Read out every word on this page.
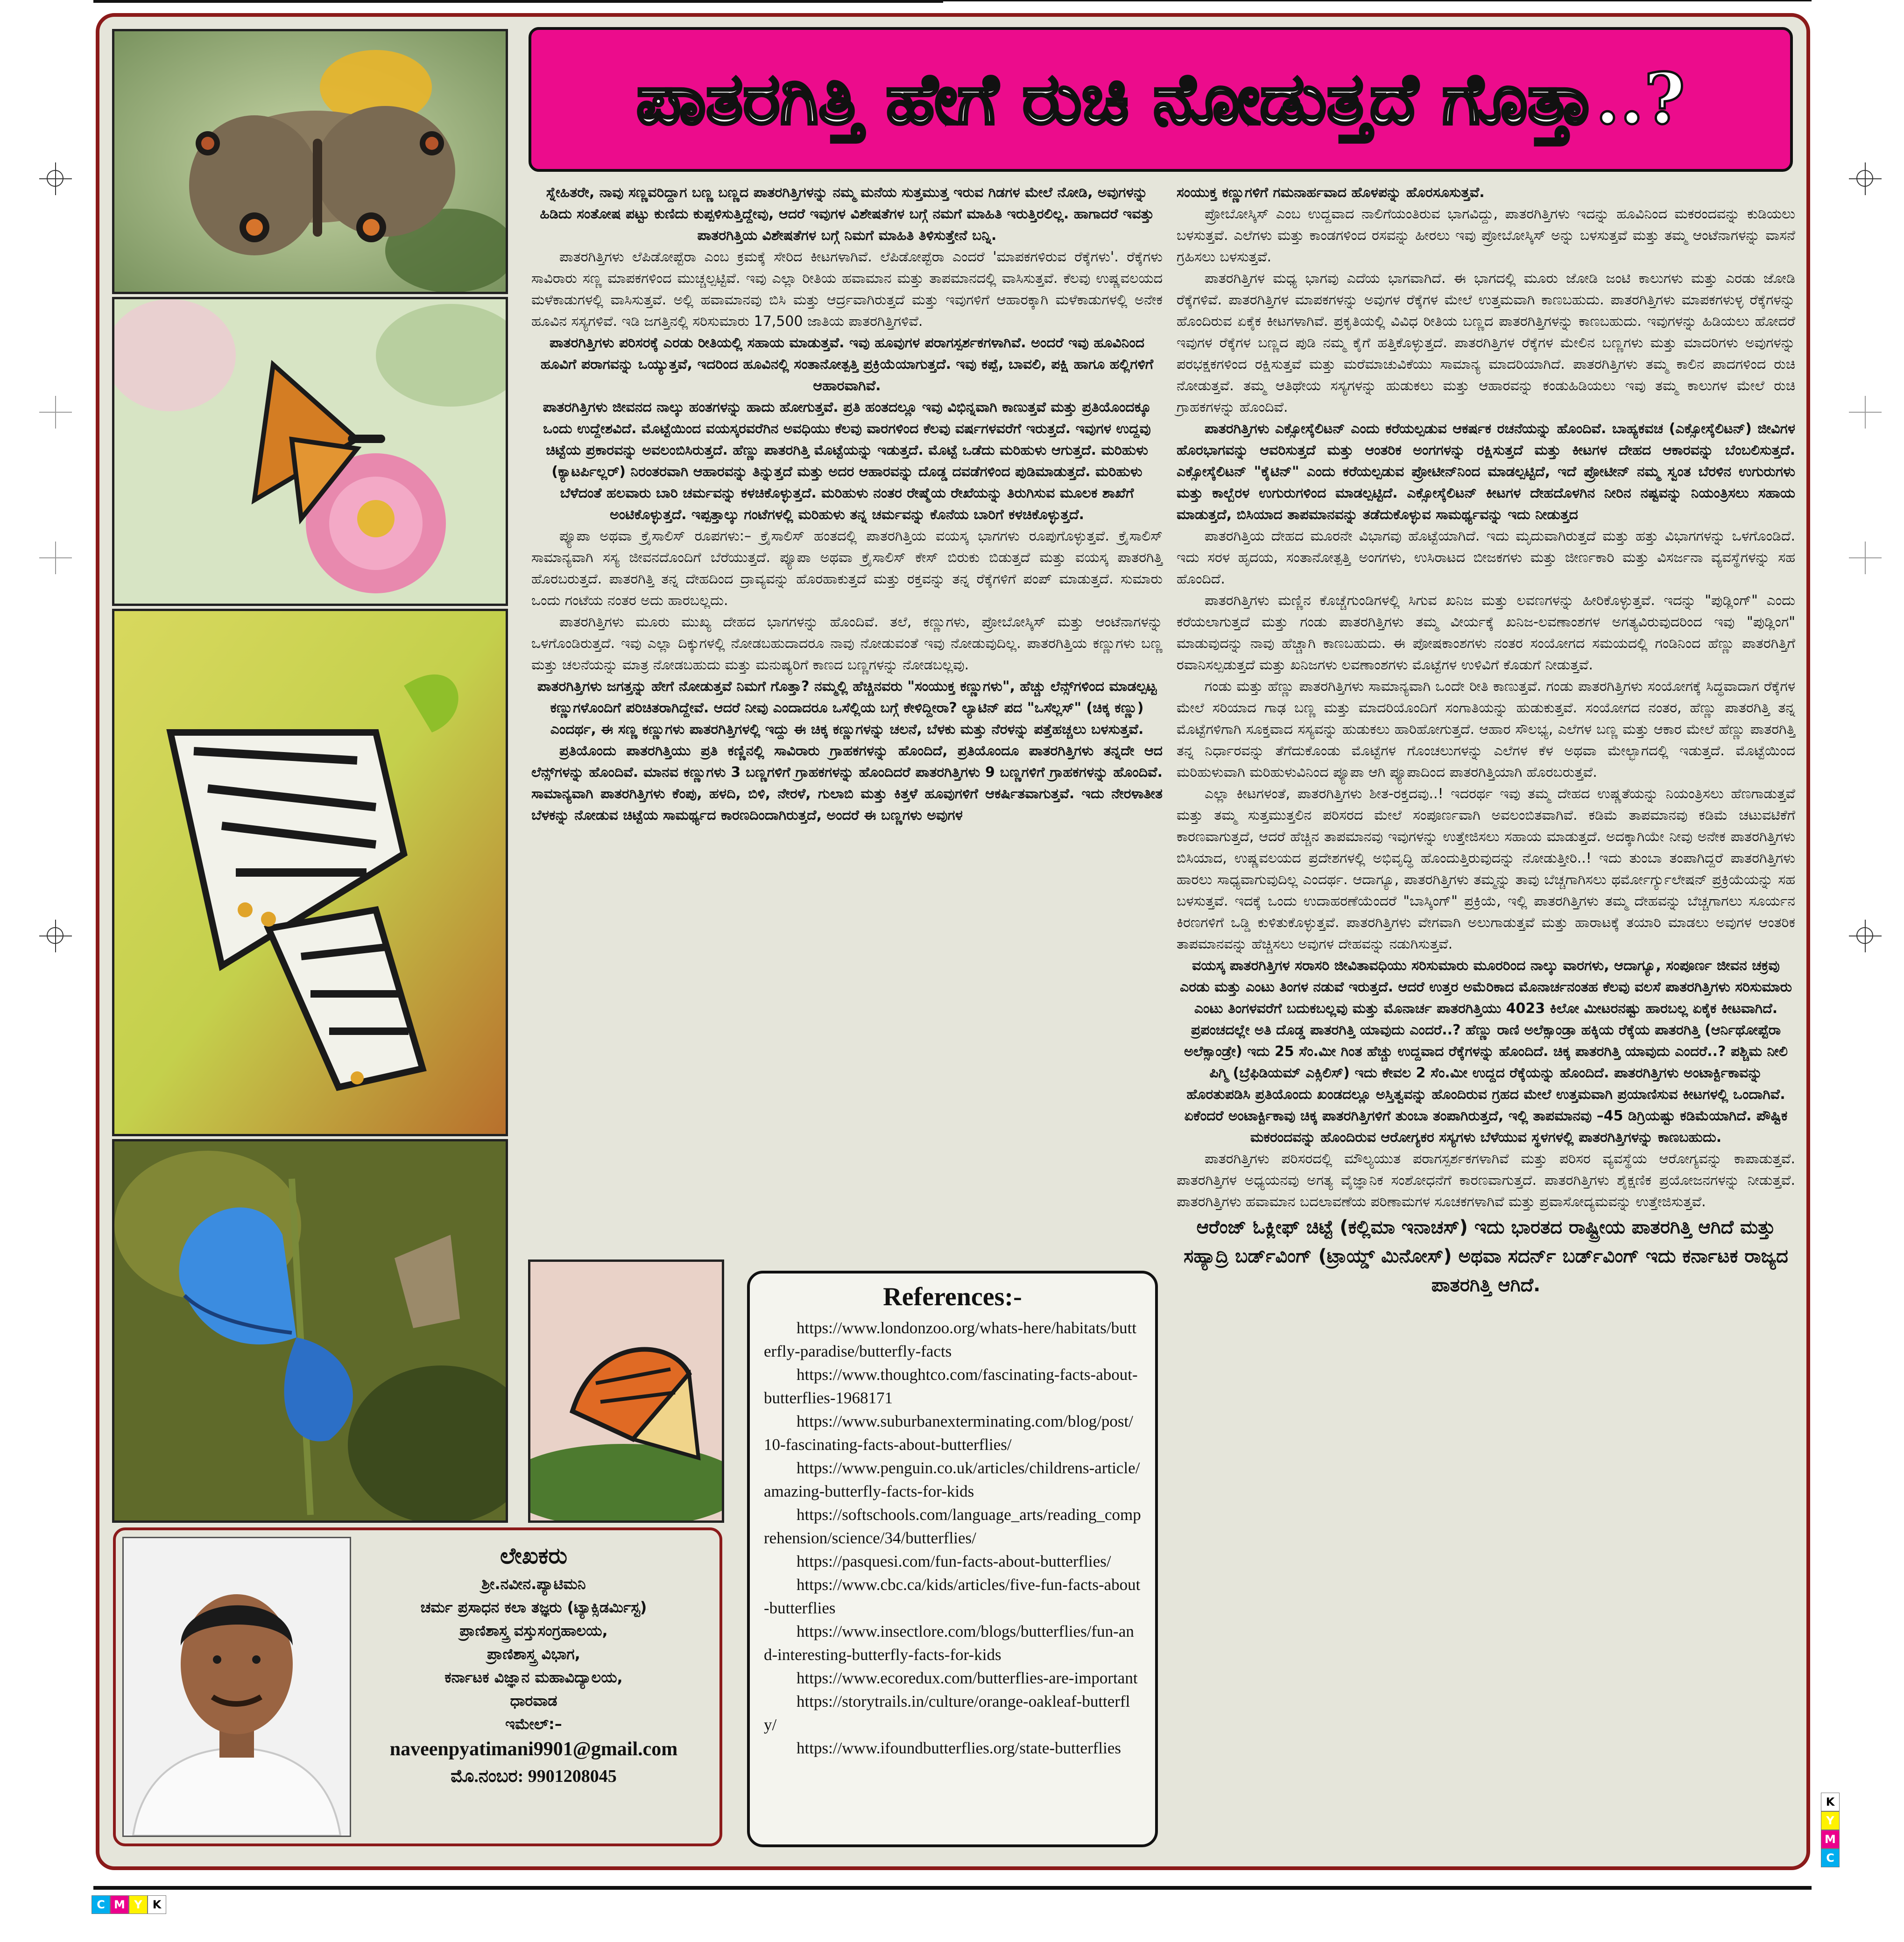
ಪಾತರಗಿತ್ತಿ ಹೇಗೆ ರುಚಿ ನೋಡುತ್ತದೆ ಗೊತ್ತಾ..?

ಸ್ನೇಹಿತರೇ, ನಾವು ಸಣ್ಣವರಿದ್ದಾಗ ಬಣ್ಣ ಬಣ್ಣದ ಪಾತರಗಿತ್ತಿಗಳನ್ನು ನಮ್ಮ ಮನೆಯ ಸುತ್ತಮುತ್ತ ಇರುವ ಗಿಡಗಳ ಮೇಲೆ ನೋಡಿ, ಅವುಗಳನ್ನು ಹಿಡಿದು ಸಂತೋಷ ಪಟ್ಟು ಕುಣಿದು ಕುಪ್ಪಳಿಸುತ್ತಿದ್ದೇವು, ಆದರೆ ಇವುಗಳ ವಿಶೇಷತೆಗಳ ಬಗ್ಗೆ ನಮಗೆ ಮಾಹಿತಿ ಇರುತ್ತಿರಲಿಲ್ಲ. ಹಾಗಾದರೆ ಇವತ್ತು ಪಾತರಗಿತ್ತಿಯ ವಿಶೇಷತೆಗಳ ಬಗ್ಗೆ ನಿಮಗೆ ಮಾಹಿತಿ ತಿಳಿಸುತ್ತೇನೆ ಬನ್ನಿ.

ಪಾತರಗಿತ್ತಿಗಳು ಲೆಪಿಡೋಪ್ಟೆರಾ ಎಂಬ ಕ್ರಮಕ್ಕೆ ಸೇರಿದ ಕೀಟಗಳಾಗಿವೆ. ಲೆಪಿಡೋಪ್ಟೆರಾ ಎಂದರೆ 'ಮಾಪಕಗಳಿರುವ ರೆಕ್ಕೆಗಳು'. ರೆಕ್ಕೆಗಳು ಸಾವಿರಾರು ಸಣ್ಣ ಮಾಪಕಗಳಿಂದ ಮುಚ್ಚಲ್ಪಟ್ಟಿವೆ. ಇವು ಎಲ್ಲಾ ರೀತಿಯ ಹವಾಮಾನ ಮತ್ತು ತಾಪಮಾನದಲ್ಲಿ ವಾಸಿಸುತ್ತವೆ. ಕೆಲವು ಉಷ್ಣವಲಯದ ಮಳೆಕಾಡುಗಳಲ್ಲಿ ವಾಸಿಸುತ್ತವೆ. ಅಲ್ಲಿ ಹವಾಮಾನವು ಬಿಸಿ ಮತ್ತು ಆರ್ದ್ರವಾಗಿರುತ್ತದೆ ಮತ್ತು ಇವುಗಳಿಗೆ ಆಹಾರಕ್ಕಾಗಿ ಮಳೆಕಾಡುಗಳಲ್ಲಿ ಅನೇಕ ಹೂವಿನ ಸಸ್ಯಗಳಿವೆ. ಇಡಿ ಜಗತ್ತಿನಲ್ಲಿ ಸರಿಸುಮಾರು 17,500 ಜಾತಿಯ ಪಾತರಗಿತ್ತಿಗಳಿವೆ.

ಪಾತರಗಿತ್ತಿಗಳು ಪರಿಸರಕ್ಕೆ ಎರಡು ರೀತಿಯಲ್ಲಿ ಸಹಾಯ ಮಾಡುತ್ತವೆ. ಇವು ಹೂವುಗಳ ಪರಾಗಸ್ಪರ್ಶಕಗಳಾಗಿವೆ. ಅಂದರೆ ಇವು ಹೂವಿನಿಂದ ಹೂವಿಗೆ ಪರಾಗವನ್ನು ಒಯ್ಯುತ್ತವೆ, ಇದರಿಂದ ಹೂವಿನಲ್ಲಿ ಸಂತಾನೋತ್ಪತ್ತಿ ಪ್ರಕ್ರಿಯೆಯಾಗುತ್ತದೆ. ಇವು ಕಪ್ಪೆ, ಬಾವಲಿ, ಪಕ್ಷಿ ಹಾಗೂ ಹಲ್ಲಿಗಳಿಗೆ ಆಹಾರವಾಗಿವೆ.

ಪಾತರಗಿತ್ತಿಗಳು ಜೀವನದ ನಾಲ್ಕು ಹಂತಗಳನ್ನು ಹಾದು ಹೋಗುತ್ತವೆ. ಪ್ರತಿ ಹಂತದಲ್ಲೂ ಇವು ವಿಭಿನ್ನವಾಗಿ ಕಾಣುತ್ತವೆ ಮತ್ತು ಪ್ರತಿಯೊಂದಕ್ಕೂ ಒಂದು ಉದ್ದೇಶವಿದೆ. ಮೊಟ್ಟೆಯಿಂದ ವಯಸ್ಕರವರೆಗಿನ ಅವಧಿಯು ಕೆಲವು ವಾರಗಳಿಂದ ಕೆಲವು ವರ್ಷಗಳವರೆಗೆ ಇರುತ್ತದೆ. ಇವುಗಳ ಉದ್ದವು ಚಿಟ್ಟೆಯ ಪ್ರಕಾರವನ್ನು ಅವಲಂಬಿಸಿರುತ್ತದೆ. ಹೆಣ್ಣು ಪಾತರಗಿತ್ತಿ ಮೊಟ್ಟೆಯನ್ನು ಇಡುತ್ತದೆ. ಮೊಟ್ಟೆ ಒಡೆದು ಮರಿಹುಳು ಆಗುತ್ತದೆ. ಮರಿಹುಳು (ಕ್ಯಾಟರ್ಪಿಲ್ಲರ್) ನಿರಂತರವಾಗಿ ಆಹಾರವನ್ನು ತಿನ್ನುತ್ತದೆ ಮತ್ತು ಅದರ ಆಹಾರವನ್ನು ದೊಡ್ಡ ದವಡೆಗಳಿಂದ ಪುಡಿಮಾಡುತ್ತದೆ. ಮರಿಹುಳು ಬೆಳೆದಂತೆ ಹಲವಾರು ಬಾರಿ ಚರ್ಮವನ್ನು ಕಳಚಿಕೊಳ್ಳುತ್ತದೆ. ಮರಿಹುಳು ನಂತರ ರೇಷ್ಮೆಯ ರೇಖೆಯನ್ನು ತಿರುಗಿಸುವ ಮೂಲಕ ಶಾಖೆಗೆ ಅಂಟಿಕೊಳ್ಳುತ್ತದೆ. ಇಪ್ಪತ್ತಾಲ್ಕು ಗಂಟೆಗಳಲ್ಲಿ ಮರಿಹುಳು ತನ್ನ ಚರ್ಮವನ್ನು ಕೊನೆಯ ಬಾರಿಗೆ ಕಳಚಿಕೊಳ್ಳುತ್ತದೆ.

ಪ್ಯೂಪಾ ಅಥವಾ ಕ್ರೈಸಾಲಿಸ್ ರೂಪಗಳು:– ಕ್ರೈಸಾಲಿಸ್ ಹಂತದಲ್ಲಿ ಪಾತರಗಿತ್ತಿಯ ವಯಸ್ಕ ಭಾಗಗಳು ರೂಪುಗೊಳ್ಳುತ್ತವೆ. ಕ್ರೈಸಾಲಿಸ್ ಸಾಮಾನ್ಯವಾಗಿ ಸಸ್ಯ ಜೀವನದೊಂದಿಗೆ ಬೆರೆಯುತ್ತದೆ. ಪ್ಯೂಪಾ ಅಥವಾ ಕ್ರೈಸಾಲಿಸ್ ಕೇಸ್ ಬಿರುಕು ಬಿಡುತ್ತದೆ ಮತ್ತು ವಯಸ್ಕ ಪಾತರಗಿತ್ತಿ ಹೊರಬರುತ್ತದೆ. ಪಾತರಗಿತ್ತಿ ತನ್ನ ದೇಹದಿಂದ ದ್ರಾವ್ಯವನ್ನು ಹೊರಹಾಕುತ್ತದೆ ಮತ್ತು ರಕ್ತವನ್ನು ತನ್ನ ರೆಕ್ಕೆಗಳಿಗೆ ಪಂಪ್ ಮಾಡುತ್ತದೆ. ಸುಮಾರು ಒಂದು ಗಂಟೆಯ ನಂತರ ಅದು ಹಾರಬಲ್ಲದು.

ಪಾತರಗಿತ್ತಿಗಳು ಮೂರು ಮುಖ್ಯ ದೇಹದ ಭಾಗಗಳನ್ನು ಹೊಂದಿವೆ. ತಲೆ, ಕಣ್ಣುಗಳು, ಪ್ರೋಬೋಸ್ಕಿಸ್ ಮತ್ತು ಆಂಟೆನಾಗಳನ್ನು ಒಳಗೊಂಡಿರುತ್ತದೆ. ಇವು ಎಲ್ಲಾ ದಿಕ್ಕುಗಳಲ್ಲಿ ನೋಡಬಹುದಾದರೂ ನಾವು ನೋಡುವಂತೆ ಇವು ನೋಡುವುದಿಲ್ಲ. ಪಾತರಗಿತ್ತಿಯ ಕಣ್ಣುಗಳು ಬಣ್ಣ ಮತ್ತು ಚಲನೆಯನ್ನು ಮಾತ್ರ ನೋಡಬಹುದು ಮತ್ತು ಮನುಷ್ಯರಿಗೆ ಕಾಣದ ಬಣ್ಣಗಳನ್ನು ನೋಡಬಲ್ಲವು.

ಪಾತರಗಿತ್ತಿಗಳು ಜಗತ್ತನ್ನು ಹೇಗೆ ನೋಡುತ್ತವೆ ನಿಮಗೆ ಗೊತ್ತಾ? ನಮ್ಮಲ್ಲಿ ಹೆಚ್ಚಿನವರು "ಸಂಯುಕ್ತ ಕಣ್ಣುಗಳು", ಹೆಚ್ಚು ಲೆನ್ಸ್‌ಗಳಿಂದ ಮಾಡಲ್ಪಟ್ಟ ಕಣ್ಣುಗಳೊಂದಿಗೆ ಪರಿಚಿತರಾಗಿದ್ದೇವೆ. ಆದರೆ ನೀವು ಎಂದಾದರೂ ಒಸೆಲ್ಲಿಯ ಬಗ್ಗೆ ಕೇಳಿದ್ದೀರಾ? ಲ್ಯಾಟಿನ್ ಪದ "ಒಸೆಲ್ಲಸ್" (ಚಿಕ್ಕ ಕಣ್ಣು) ಎಂದರ್ಥ, ಈ ಸಣ್ಣ ಕಣ್ಣುಗಳು ಪಾತರಗಿತ್ತಿಗಳಲ್ಲಿ ಇದ್ದು ಈ ಚಿಕ್ಕ ಕಣ್ಣುಗಳನ್ನು ಚಲನೆ, ಬೆಳಕು ಮತ್ತು ನೆರಳನ್ನು ಪತ್ತೆಹಚ್ಚಲು ಬಳಸುತ್ತವೆ.

ಪ್ರತಿಯೊಂದು ಪಾತರಗಿತ್ತಿಯು ಪ್ರತಿ ಕಣ್ಣಿನಲ್ಲಿ ಸಾವಿರಾರು ಗ್ರಾಹಕಗಳನ್ನು ಹೊಂದಿದೆ, ಪ್ರತಿಯೊಂದೂ ಪಾತರಗಿತ್ತಿಗಳು ತನ್ನದೇ ಆದ ಲೆನ್ಸ್‌ಗಳನ್ನು ಹೊಂದಿವೆ. ಮಾನವ ಕಣ್ಣುಗಳು 3 ಬಣ್ಣಗಳಿಗೆ ಗ್ರಾಹಕಗಳನ್ನು ಹೊಂದಿದರೆ ಪಾತರಗಿತ್ತಿಗಳು 9 ಬಣ್ಣಗಳಿಗೆ ಗ್ರಾಹಕಗಳನ್ನು ಹೊಂದಿವೆ. ಸಾಮಾನ್ಯವಾಗಿ ಪಾತರಗಿತ್ತಿಗಳು ಕೆಂಪು, ಹಳದಿ, ಬಿಳಿ, ನೇರಳೆ, ಗುಲಾಬಿ ಮತ್ತು ಕಿತ್ತಳೆ ಹೂವುಗಳಿಗೆ ಆಕರ್ಷಿತವಾಗುತ್ತವೆ. ಇದು ನೇರಳಾತೀತ ಬೆಳಕನ್ನು ನೋಡುವ ಚಿಟ್ಟೆಯ ಸಾಮರ್ಥ್ಯದ ಕಾರಣದಿಂದಾಗಿರುತ್ತದೆ, ಅಂದರೆ ಈ ಬಣ್ಣಗಳು ಅವುಗಳ

ಸಂಯುಕ್ತ ಕಣ್ಣುಗಳಿಗೆ ಗಮನಾರ್ಹವಾದ ಹೊಳಪನ್ನು ಹೊರಸೂಸುತ್ತವೆ.

ಪ್ರೋಬೋಸ್ಕಿಸ್ ಎಂಬ ಉದ್ದವಾದ ನಾಲಿಗೆಯಂತಿರುವ ಭಾಗವಿದ್ದು, ಪಾತರಗಿತ್ತಿಗಳು ಇದನ್ನು ಹೂವಿನಿಂದ ಮಕರಂದವನ್ನು ಕುಡಿಯಲು ಬಳಸುತ್ತವೆ. ಎಲೆಗಳು ಮತ್ತು ಕಾಂಡಗಳಿಂದ ರಸವನ್ನು ಹೀರಲು ಇವು ಪ್ರೋಬೋಸ್ಕಿಸ್ ಅನ್ನು ಬಳಸುತ್ತವೆ ಮತ್ತು ತಮ್ಮ ಆಂಟೆನಾಗಳನ್ನು ವಾಸನೆ ಗ್ರಹಿಸಲು ಬಳಸುತ್ತವೆ.

ಪಾತರಗಿತ್ತಿಗಳ ಮಧ್ಯ ಭಾಗವು ಎದೆಯ ಭಾಗವಾಗಿದೆ. ಈ ಭಾಗದಲ್ಲಿ ಮೂರು ಜೋಡಿ ಜಂಟಿ ಕಾಲುಗಳು ಮತ್ತು ಎರಡು ಜೋಡಿ ರೆಕ್ಕೆಗಳಿವೆ. ಪಾತರಗಿತ್ತಿಗಳ ಮಾಪಕಗಳನ್ನು ಅವುಗಳ ರೆಕ್ಕೆಗಳ ಮೇಲೆ ಉತ್ತಮವಾಗಿ ಕಾಣಬಹುದು. ಪಾತರಗಿತ್ತಿಗಳು ಮಾಪಕಗಳುಳ್ಳ ರೆಕ್ಕೆಗಳನ್ನು ಹೊಂದಿರುವ ಏಕೈಕ ಕೀಟಗಳಾಗಿವೆ. ಪ್ರಕೃತಿಯಲ್ಲಿ ವಿವಿಧ ರೀತಿಯ ಬಣ್ಣದ ಪಾತರಗಿತ್ತಿಗಳನ್ನು ಕಾಣಬಹುದು. ಇವುಗಳನ್ನು ಹಿಡಿಯಲು ಹೋದರೆ ಇವುಗಳ ರೆಕ್ಕೆಗಳ ಬಣ್ಣದ ಪುಡಿ ನಮ್ಮ ಕೈಗೆ ಹತ್ತಿಕೊಳ್ಳುತ್ತದೆ. ಪಾತರಗಿತ್ತಿಗಳ ರೆಕ್ಕೆಗಳ ಮೇಲಿನ ಬಣ್ಣಗಳು ಮತ್ತು ಮಾದರಿಗಳು ಅವುಗಳನ್ನು ಪರಭಕ್ಷಕಗಳಿಂದ ರಕ್ಷಿಸುತ್ತವೆ ಮತ್ತು ಮರೆಮಾಚುವಿಕೆಯು ಸಾಮಾನ್ಯ ಮಾದರಿಯಾಗಿದೆ. ಪಾತರಗಿತ್ತಿಗಳು ತಮ್ಮ ಕಾಲಿನ ಪಾದಗಳಿಂದ ರುಚಿ ನೋಡುತ್ತವೆ. ತಮ್ಮ ಆತಿಥೇಯ ಸಸ್ಯಗಳನ್ನು ಹುಡುಕಲು ಮತ್ತು ಆಹಾರವನ್ನು ಕಂಡುಹಿಡಿಯಲು ಇವು ತಮ್ಮ ಕಾಲುಗಳ ಮೇಲೆ ರುಚಿ ಗ್ರಾಹಕಗಳನ್ನು ಹೊಂದಿವೆ.

ಪಾತರಗಿತ್ತಿಗಳು ಎಕ್ಸೋಸ್ಕೆಲಿಟನ್ ಎಂದು ಕರೆಯಲ್ಪಡುವ ಆಕರ್ಷಕ ರಚನೆಯನ್ನು ಹೊಂದಿವೆ. ಬಾಹ್ಯಕವಚ (ಎಕ್ಸೋಸ್ಕೆಲಿಟನ್) ಜೀವಿಗಳ ಹೊರಭಾಗವನ್ನು ಆವರಿಸುತ್ತದೆ ಮತ್ತು ಆಂತರಿಕ ಅಂಗಗಳನ್ನು ರಕ್ಷಿಸುತ್ತದೆ ಮತ್ತು ಕೀಟಗಳ ದೇಹದ ಆಕಾರವನ್ನು ಬೆಂಬಲಿಸುತ್ತದೆ. ಎಕ್ಸೋಸ್ಕೆಲಿಟನ್ "ಕೈಟಿನ್" ಎಂದು ಕರೆಯಲ್ಪಡುವ ಪ್ರೋಟೀನ್‌ನಿಂದ ಮಾಡಲ್ಪಟ್ಟಿದೆ, ಇದೆ ಪ್ರೋಟೀನ್ ನಮ್ಮ ಸ್ವಂತ ಬೆರಳಿನ ಉಗುರುಗಳು ಮತ್ತು ಕಾಲ್ಬೆರಳ ಉಗುರುಗಳಿಂದ ಮಾಡಲ್ಪಟ್ಟಿದೆ. ಎಕ್ಸೋಸ್ಕೆಲಿಟನ್ ಕೀಟಗಳ ದೇಹದೊಳಗಿನ ನೀರಿನ ನಷ್ಟವನ್ನು ನಿಯಂತ್ರಿಸಲು ಸಹಾಯ ಮಾಡುತ್ತದೆ, ಬಿಸಿಯಾದ ತಾಪಮಾನವನ್ನು ತಡೆದುಕೊಳ್ಳುವ ಸಾಮರ್ಥ್ಯವನ್ನು ಇದು ನೀಡುತ್ತದ

ಪಾತರಗಿತ್ತಿಯ ದೇಹದ ಮೂರನೇ ವಿಭಾಗವು ಹೊಟ್ಟೆಯಾಗಿದೆ. ಇದು ಮೃದುವಾಗಿರುತ್ತದೆ ಮತ್ತು ಹತ್ತು ವಿಭಾಗಗಳನ್ನು ಒಳಗೊಂಡಿದೆ. ಇದು ಸರಳ ಹೃದಯ, ಸಂತಾನೋತ್ಪತ್ತಿ ಅಂಗಗಳು, ಉಸಿರಾಟದ ಬೀಜಕಗಳು ಮತ್ತು ಜೀರ್ಣಕಾರಿ ಮತ್ತು ವಿಸರ್ಜನಾ ವ್ಯವಸ್ಥೆಗಳನ್ನು ಸಹ ಹೊಂದಿದೆ.

ಪಾತರಗಿತ್ತಿಗಳು ಮಣ್ಣಿನ ಕೊಚ್ಚೆಗುಂಡಿಗಳಲ್ಲಿ ಸಿಗುವ ಖನಿಜ ಮತ್ತು ಲವಣಗಳನ್ನು ಹೀರಿಕೊಳ್ಳುತ್ತವೆ. ಇದನ್ನು "ಪುಡ್ಲಿಂಗ್" ಎಂದು ಕರೆಯಲಾಗುತ್ತದೆ ಮತ್ತು ಗಂಡು ಪಾತರಗಿತ್ತಿಗಳು ತಮ್ಮ ವೀರ್ಯಕ್ಕೆ ಖನಿಜ-ಲವಣಾಂಶಗಳ ಅಗತ್ಯವಿರುವುದರಿಂದ ಇವು "ಪುಡ್ಲಿಂಗ" ಮಾಡುವುದನ್ನು ನಾವು ಹೆಚ್ಚಾಗಿ ಕಾಣಬಹುದು. ಈ ಪೋಷಕಾಂಶಗಳು ನಂತರ ಸಂಯೋಗದ ಸಮಯದಲ್ಲಿ ಗಂಡಿನಿಂದ ಹೆಣ್ಣು ಪಾತರಗಿತ್ತಿಗೆ ರವಾನಿಸಲ್ಪಡುತ್ತದೆ ಮತ್ತು ಖನಿಜಗಳು ಲವಣಾಂಶಗಳು ಮೊಟ್ಟೆಗಳ ಉಳಿವಿಗೆ ಕೊಡುಗೆ ನೀಡುತ್ತವೆ.

ಗಂಡು ಮತ್ತು ಹೆಣ್ಣು ಪಾತರಗಿತ್ತಿಗಳು ಸಾಮಾನ್ಯವಾಗಿ ಒಂದೇ ರೀತಿ ಕಾಣುತ್ತವೆ. ಗಂಡು ಪಾತರಗಿತ್ತಿಗಳು ಸಂಯೋಗಕ್ಕೆ ಸಿದ್ಧವಾದಾಗ ರೆಕ್ಕೆಗಳ ಮೇಲೆ ಸರಿಯಾದ ಗಾಢ ಬಣ್ಣ ಮತ್ತು ಮಾದರಿಯೊಂದಿಗೆ ಸಂಗಾತಿಯನ್ನು ಹುಡುಕುತ್ತವೆ. ಸಂಯೋಗದ ನಂತರ, ಹೆಣ್ಣು ಪಾತರಗಿತ್ತಿ ತನ್ನ ಮೊಟ್ಟೆಗಳಿಗಾಗಿ ಸೂಕ್ತವಾದ ಸಸ್ಯವನ್ನು ಹುಡುಕಲು ಹಾರಿಹೋಗುತ್ತದೆ. ಆಹಾರ ಸೌಲಭ್ಯ, ಎಲೆಗಳ ಬಣ್ಣ ಮತ್ತು ಆಕಾರ ಮೇಲೆ ಹೆಣ್ಣು ಪಾತರಗಿತ್ತಿ ತನ್ನ ನಿರ್ಧಾರವನ್ನು ತೆಗೆದುಕೊಂಡು ಮೊಟ್ಟೆಗಳ ಗೊಂಚಲುಗಳನ್ನು ಎಲೆಗಳ ಕೆಳ ಅಥವಾ ಮೇಲ್ಭಾಗದಲ್ಲಿ ಇಡುತ್ತದೆ. ಮೊಟ್ಟೆಯಿಂದ ಮರಿಹುಳುವಾಗಿ ಮರಿಹುಳುವಿನಿಂದ ಪ್ಯೂಪಾ ಆಗಿ ಪ್ಯೂಪಾದಿಂದ ಪಾತರಗಿತ್ತಿಯಾಗಿ ಹೊರಬರುತ್ತವೆ.

ಎಲ್ಲಾ ಕೀಟಗಳಂತೆ, ಪಾತರಗಿತ್ತಿಗಳು ಶೀತ-ರಕ್ತದವು..! ಇದರರ್ಥ ಇವು ತಮ್ಮ ದೇಹದ ಉಷ್ಣತೆಯನ್ನು ನಿಯಂತ್ರಿಸಲು ಹೆಣಗಾಡುತ್ತವೆ ಮತ್ತು ತಮ್ಮ ಸುತ್ತಮುತ್ತಲಿನ ಪರಿಸರದ ಮೇಲೆ ಸಂಪೂರ್ಣವಾಗಿ ಅವಲಂಬಿತವಾಗಿವೆ. ಕಡಿಮೆ ತಾಪಮಾನವು ಕಡಿಮೆ ಚಟುವಟಿಕೆಗೆ ಕಾರಣವಾಗುತ್ತದೆ, ಆದರೆ ಹೆಚ್ಚಿನ ತಾಪಮಾನವು ಇವುಗಳನ್ನು ಉತ್ತೇಜಿಸಲು ಸಹಾಯ ಮಾಡುತ್ತದೆ. ಅದಕ್ಕಾಗಿಯೇ ನೀವು ಅನೇಕ ಪಾತರಗಿತ್ತಿಗಳು ಬಿಸಿಯಾದ, ಉಷ್ಣವಲಯದ ಪ್ರದೇಶಗಳಲ್ಲಿ ಅಭಿವೃದ್ಧಿ ಹೊಂದುತ್ತಿರುವುದನ್ನು ನೋಡುತ್ತೀರಿ..! ಇದು ತುಂಬಾ ತಂಪಾಗಿದ್ದರೆ ಪಾತರಗಿತ್ತಿಗಳು ಹಾರಲು ಸಾಧ್ಯವಾಗುವುದಿಲ್ಲ ಎಂದರ್ಥ. ಆದಾಗ್ಯೂ, ಪಾತರಗಿತ್ತಿಗಳು ತಮ್ಮನ್ನು ತಾವು ಬೆಚ್ಚಗಾಗಿಸಲು ಥರ್ಮೋರ್ಗ್ಯುಲೇಷನ್ ಪ್ರಕ್ರಿಯೆಯನ್ನು ಸಹ ಬಳಸುತ್ತವೆ. ಇದಕ್ಕೆ ಒಂದು ಉದಾಹರಣೆಯೆಂದರೆ "ಬಾಸ್ಕಿಂಗ್" ಪ್ರಕ್ರಿಯೆ, ಇಲ್ಲಿ ಪಾತರಗಿತ್ತಿಗಳು ತಮ್ಮ ದೇಹವನ್ನು ಬೆಚ್ಚಗಾಗಲು ಸೂರ್ಯನ ಕಿರಣಗಳಿಗೆ ಒಡ್ಡಿ ಕುಳಿತುಕೊಳ್ಳುತ್ತವೆ. ಪಾತರಗಿತ್ತಿಗಳು ವೇಗವಾಗಿ ಅಲುಗಾಡುತ್ತವೆ ಮತ್ತು ಹಾರಾಟಕ್ಕೆ ತಯಾರಿ ಮಾಡಲು ಅವುಗಳ ಆಂತರಿಕ ತಾಪಮಾನವನ್ನು ಹೆಚ್ಚಿಸಲು ಅವುಗಳ ದೇಹವನ್ನು ನಡುಗಿಸುತ್ತವೆ.

ವಯಸ್ಕ ಪಾತರಗಿತ್ತಿಗಳ ಸರಾಸರಿ ಜೀವಿತಾವಧಿಯು ಸರಿಸುಮಾರು ಮೂರರಿಂದ ನಾಲ್ಕು ವಾರಗಳು, ಆದಾಗ್ಯೂ, ಸಂಪೂರ್ಣ ಜೀವನ ಚಕ್ರವು ಎರಡು ಮತ್ತು ಎಂಟು ತಿಂಗಳ ನಡುವೆ ಇರುತ್ತದೆ. ಆದರೆ ಉತ್ತರ ಅಮೆರಿಕಾದ ಮೊನಾರ್ಚನಂತಹ ಕೆಲವು ವಲಸೆ ಪಾತರಗಿತ್ತಿಗಳು ಸರಿಸುಮಾರು ಎಂಟು ತಿಂಗಳವರೆಗೆ ಬದುಕಬಲ್ಲವು ಮತ್ತು ಮೊನಾರ್ಚ ಪಾತರಗಿತ್ತಿಯು 4023 ಕಿಲೋ ಮೀಟರನಷ್ಟು ಹಾರಬಲ್ಲ ಏಕೈಕ ಕೀಟವಾಗಿದೆ. ಪ್ರಪಂಚದಲ್ಲೇ ಅತಿ ದೊಡ್ಡ ಪಾತರಗಿತ್ತಿ ಯಾವುದು ಎಂದರೆ..? ಹೆಣ್ಣು ರಾಣಿ ಅಲೆಕ್ಸಾಂಡ್ರಾ ಹಕ್ಕಿಯ ರೆಕ್ಕೆಯ ಪಾತರಗಿತ್ತಿ (ಆರ್ನಿಥೋಪ್ಟೆರಾ ಅಲೆಕ್ಸಾಂಡ್ರೇ) ಇದು 25 ಸೆಂ.ಮೀ ಗಿಂತ ಹೆಚ್ಚು ಉದ್ದವಾದ ರೆಕ್ಕೆಗಳನ್ನು ಹೊಂದಿದೆ. ಚಿಕ್ಕ ಪಾತರಗಿತ್ತಿ ಯಾವುದು ಎಂದರೆ..? ಪಶ್ಚಿಮ ನೀಲಿ ಪಿಗ್ಮಿ (ಬ್ರೆಫಿಡಿಯಮ್ ಎಕ್ಸಿಲಿಸ್) ಇದು ಕೇವಲ 2 ಸೆಂ.ಮೀ ಉದ್ದದ ರೆಕ್ಕೆಯನ್ನು ಹೊಂದಿದೆ. ಪಾತರಗಿತ್ತಿಗಳು ಅಂಟಾರ್ಕ್ಟಿಕಾವನ್ನು ಹೊರತುಪಡಿಸಿ ಪ್ರತಿಯೊಂದು ಖಂಡದಲ್ಲೂ ಅಸ್ತಿತ್ವವನ್ನು ಹೊಂದಿರುವ ಗ್ರಹದ ಮೇಲೆ ಉತ್ತಮವಾಗಿ ಪ್ರಯಾಣಿಸುವ ಕೀಟಗಳಲ್ಲಿ ಒಂದಾಗಿವೆ. ಏಕೆಂದರೆ ಅಂಟಾರ್ಕ್ಟಿಕಾವು ಚಿಕ್ಕ ಪಾತರಗಿತ್ತಿಗಳಿಗೆ ತುಂಬಾ ತಂಪಾಗಿರುತ್ತದೆ, ಇಲ್ಲಿ ತಾಪಮಾನವು –45 ಡಿಗ್ರಿಯಷ್ಟು ಕಡಿಮೆಯಾಗಿದೆ. ಪೌಷ್ಟಿಕ ಮಕರಂದವನ್ನು ಹೊಂದಿರುವ ಆರೋಗ್ಯಕರ ಸಸ್ಯಗಳು ಬೆಳೆಯುವ ಸ್ಥಳಗಳಲ್ಲಿ ಪಾತರಗಿತ್ತಿಗಳನ್ನು ಕಾಣಬಹುದು.

ಪಾತರಗಿತ್ತಿಗಳು ಪರಿಸರದಲ್ಲಿ ಮೌಲ್ಯಯುತ ಪರಾಗಸ್ಪರ್ಶಕಗಳಾಗಿವೆ ಮತ್ತು ಪರಿಸರ ವ್ಯವಸ್ಥೆಯ ಆರೋಗ್ಯವನ್ನು ಕಾಪಾಡುತ್ತವೆ. ಪಾತರಗಿತ್ತಿಗಳ ಅಧ್ಯಯನವು ಅಗತ್ಯ ವೈಜ್ಞಾನಿಕ ಸಂಶೋಧನೆಗೆ ಕಾರಣವಾಗುತ್ತದೆ. ಪಾತರಗಿತ್ತಿಗಳು ಶೈಕ್ಷಣಿಕ ಪ್ರಯೋಜನಗಳನ್ನು ನೀಡುತ್ತವೆ. ಪಾತರಗಿತ್ತಿಗಳು ಹವಾಮಾನ ಬದಲಾವಣೆಯ ಪರಿಣಾಮಗಳ ಸೂಚಕಗಳಾಗಿವೆ ಮತ್ತು ಪ್ರವಾಸೋದ್ಯಮವನ್ನು ಉತ್ತೇಜಿಸುತ್ತವೆ.

ಆರೆಂಜ್ ಓಕ್ಲೀಫ್ ಚಿಟ್ಟೆ (ಕಲ್ಲಿಮಾ ಇನಾಚಸ್) ಇದು ಭಾರತದ ರಾಷ್ಟ್ರೀಯ ಪಾತರಗಿತ್ತಿ ಆಗಿದೆ ಮತ್ತು ಸಹ್ಯಾದ್ರಿ ಬರ್ಡ್‌ವಿಂಗ್ (ಟ್ರಾಯ್ಡ್ ಮಿನೋಸ್) ಅಥವಾ ಸದರ್ನ್ ಬರ್ಡ್‌ವಿಂಗ್ ಇದು ಕರ್ನಾಟಕ ರಾಜ್ಯದ ಪಾತರಗಿತ್ತಿ ಆಗಿದೆ.

References:-

https://www.londonzoo.org/whats-here/habitats/butterfly-paradise/butterfly-facts

https://www.thoughtco.com/fascinating-facts-about-butterflies-1968171

https://www.suburbanexterminating.com/blog/post/10-fascinating-facts-about-butterflies/

https://www.penguin.co.uk/articles/childrens-article/amazing-butterfly-facts-for-kids

https://softschools.com/language_arts/reading_comprehension/science/34/butterflies/

https://pasquesi.com/fun-facts-about-butterflies/

https://www.cbc.ca/kids/articles/five-fun-facts-about-butterflies

https://www.insectlore.com/blogs/butterflies/fun-and-interesting-butterfly-facts-for-kids

https://www.ecoredux.com/butterflies-are-important

https://storytrails.in/culture/orange-oakleaf-butterfly/

https://www.ifoundbutterflies.org/state-butterflies

ಲೇಖಕರು
ಶ್ರೀ.ನವೀನ.ಪ್ಯಾಟಿಮನಿ
ಚರ್ಮ ಪ್ರಸಾಧನ ಕಲಾ ತಜ್ಞರು (ಟ್ಯಾಕ್ಸಿಡರ್ಮಿಸ್ಟ)
ಪ್ರಾಣಿಶಾಸ್ತ್ರ ವಸ್ತುಸಂಗ್ರಹಾಲಯ,
ಪ್ರಾಣಿಶಾಸ್ತ್ರ ವಿಭಾಗ,
ಕರ್ನಾಟಕ ವಿಜ್ಞಾನ ಮಹಾವಿದ್ಯಾಲಯ,
ಧಾರವಾಡ
ಇಮೇಲ್:–
naveenpyatimani9901@gmail.com
ಮೊ.ನಂಬರ: 9901208045
K
Y
M
C
C M Y K
